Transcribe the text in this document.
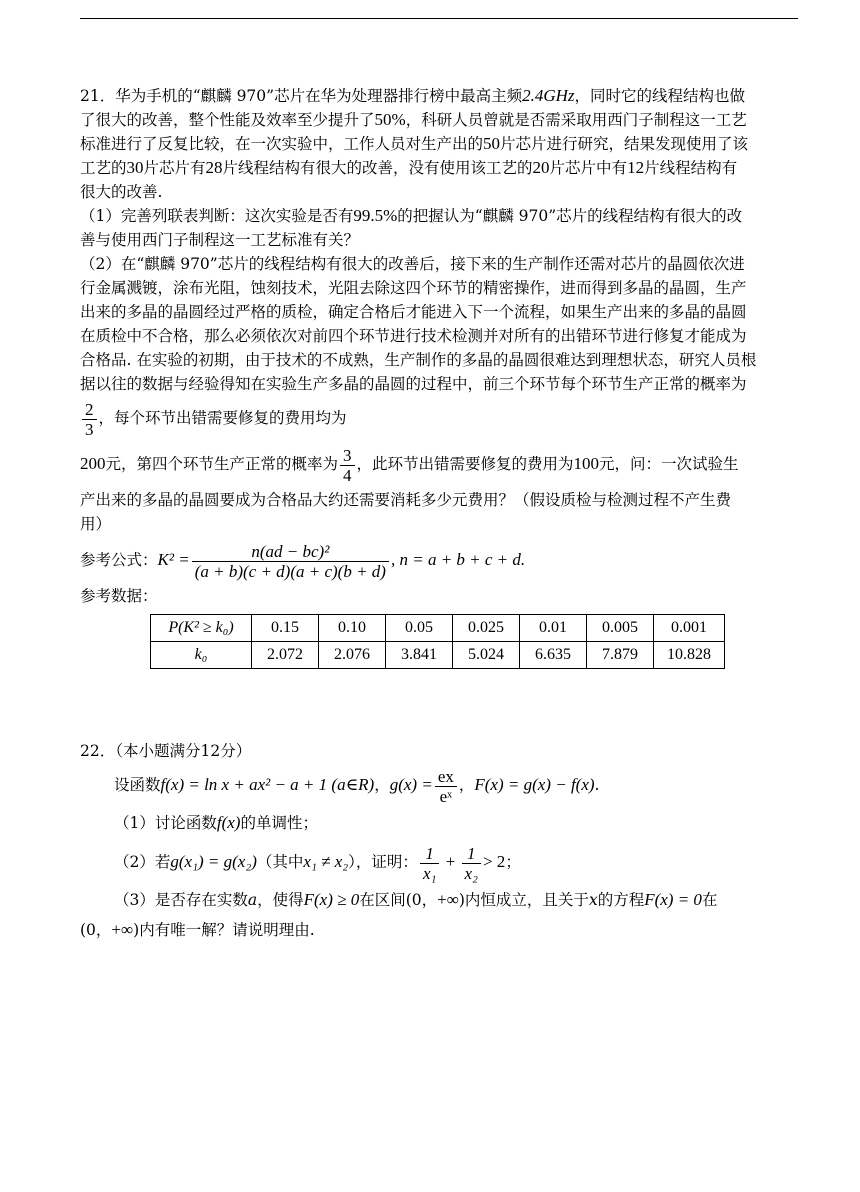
21．华为手机的“麒麟 970”芯片在华为处理器排行榜中最高主频2.4GHz，同时它的线程结构也做
了很大的改善，整个性能及效率至少提升了50%，科研人员曾就是否需采取用西门子制程这一工艺
标准进行了反复比较，在一次实验中，工作人员对生产出的50片芯片进行研究，结果发现使用了该
工艺的30片芯片有28片线程结构有很大的改善，没有使用该工艺的20片芯片中有12片线程结构有
很大的改善.
（1）完善列联表判断：这次实验是否有99.5%的把握认为“麒麟 970”芯片的线程结构有很大的改
善与使用西门子制程这一工艺标准有关？
（2）在“麒麟 970”芯片的线程结构有很大的改善后，接下来的生产制作还需对芯片的晶圆依次进
行金属溅镀，涂布光阻，蚀刻技术，光阻去除这四个环节的精密操作，进而得到多晶的晶圆，生产
出来的多晶的晶圆经过严格的质检，确定合格后才能进入下一个流程，如果生产出来的多晶的晶圆
在质检中不合格，那么必须依次对前四个环节进行技术检测并对所有的出错环节进行修复才能成为
合格品. 在实验的初期，由于技术的不成熟，生产制作的多晶的晶圆很难达到理想状态，研究人员根
据以往的数据与经验得知在实验生产多晶的晶圆的过程中，前三个环节每个环节生产正常的概率为
$\frac{2}{3}$ ，每个环节出错需要修复的费用均为
200元，第四个环节生产正常的概率为 $\frac{3}{4}$ ，此环节出错需要修复的费用为100元，问：一次试验生
产出来的多晶的晶圆要成为合格品大约还需要消耗多少元费用？（假设质检与检测过程不产生费
用）
参考公式：$K^2 = \frac{\text{n(ad − bc)²}}{(a + b)(c + d)(a + c)(b + d)}$ , n = a + b + c + d.
参考数据：
P(K² ≥ k₀)	0.15	0.10	0.05	0.025	0.01	0.005	0.001
k₀	2.072	2.076	3.841	5.024	6.635	7.879	10.828
22．（本小题满分12分）
设函数f(x) = ln x + ax² − a + 1 (a∈R)，$g(x) = \frac{ex}{\text{eˣ}}$ ，F(x) = g(x) − f(x).
（1）讨论函数f(x)的单调性；
（2）若g(x₁) = g(x₂)（其中x₁ ≠ x₂），证明： $\frac{1}{\text{x₁}} + \frac{1}{\text{x₂}} > 2$；
（3）是否存在实数a，使得F(x) ≥ 0在区间(0，+∞)内恒成立，且关于x的方程F(x) = 0在
(0，+∞)内有唯一解？请说明理由.
